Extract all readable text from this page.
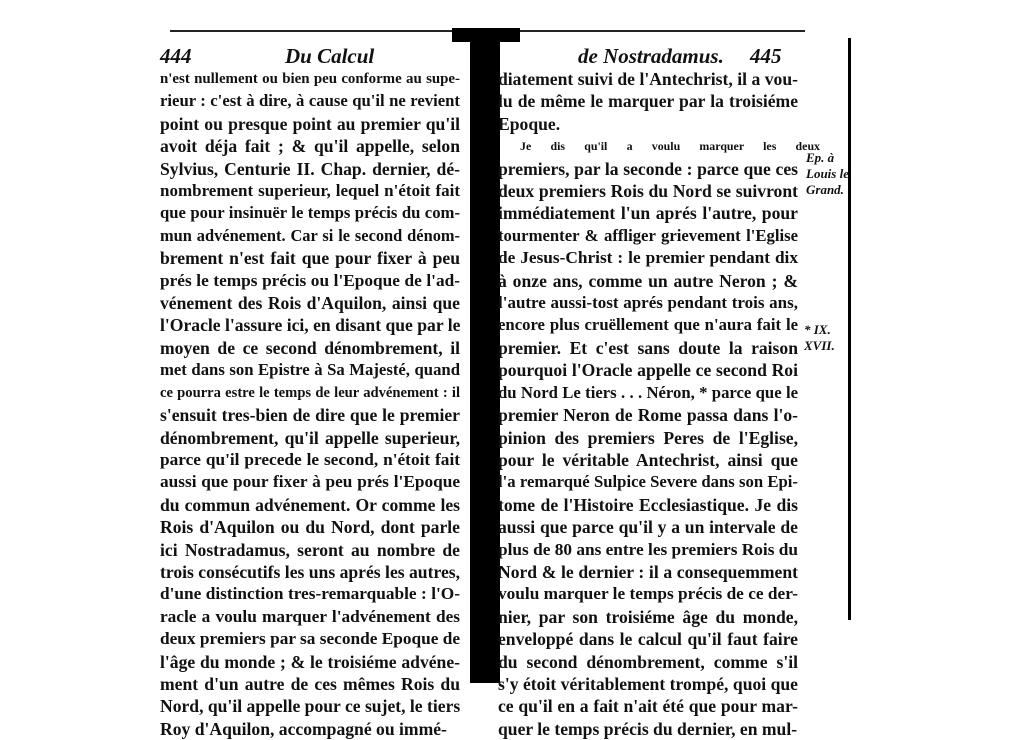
444	Du Calcul
n'est nullement ou bien peu conforme au supe-
rieur : c'est à dire, à cause qu'il ne revient
point ou presque point au premier qu'il
avoit déja fait ; & qu'il appelle, selon
Sylvius, Centurie II. Chap. dernier, dé-
nombrement superieur, lequel n'étoit fait
que pour insinuër le temps précis du com-
mun advénement. Car si le second dénom-
brement n'est fait que pour fixer à peu
prés le temps précis ou l'Epoque de l'ad-
vénement des Rois d'Aquilon, ainsi que
l'Oracle l'assure ici, en disant que par le
moyen de ce second dénombrement, il
met dans son Epistre à Sa Majesté, quand
ce pourra estre le temps de leur advénement : il
s'ensuit tres-bien de dire que le premier
dénombrement, qu'il appelle superieur,
parce qu'il precede le second, n'étoit fait
aussi que pour fixer à peu prés l'Epoque
du commun advénement. Or comme les
Rois d'Aquilon ou du Nord, dont parle
ici Nostradamus, seront au nombre de
trois consécutifs les uns aprés les autres,
d'une distinction tres-remarquable : l'O-
racle a voulu marquer l'advénement des
deux premiers par sa seconde Epoque de
l'âge du monde ; & le troisiéme advéne-
ment d'un autre de ces mêmes Rois du
Nord, qu'il appelle pour ce sujet, le tiers
Roy d'Aquilon, accompagné ou immé-
de Nostradamus. 445
diatement suivi de l'Antechrist, il a vou-
lu de même le marquer par la troisiéme
Epoque.
Je dis qu'il a voulu marquer les deux
premiers, par la seconde : parce que ces
deux premiers Rois du Nord se suivront
immédiatement l'un aprés l'autre, pour
tourmenter & affliger grievement l'Eglise
de Jesus-Christ : le premier pendant dix
à onze ans, comme un autre Neron ; &
l'autre aussi-tost aprés pendant trois ans,
encore plus cruëllement que n'aura fait le
premier. Et c'est sans doute la raison
pourquoi l'Oracle appelle ce second Roi
du Nord Le tiers . . . Néron, * parce que le
premier Neron de Rome passa dans l'o-
pinion des premiers Peres de l'Eglise,
pour le véritable Antechrist, ainsi que
l'a remarqué Sulpice Severe dans son Epi-
tome de l'Histoire Ecclesiastique. Je dis
aussi que parce qu'il y a un intervale de
plus de 80 ans entre les premiers Rois du
Nord & le dernier : il a consequemment
voulu marquer le temps précis de ce der-
nier, par son troisiéme âge du monde,
enveloppé dans le calcul qu'il faut faire
du second dénombrement, comme s'il
s'y étoit véritablement trompé, quoi que
ce qu'il en a fait n'ait été que pour mar-
quer le temps précis du dernier, en mul-
Ep. à
Louis le
Grand.
* IX.
XVII.
